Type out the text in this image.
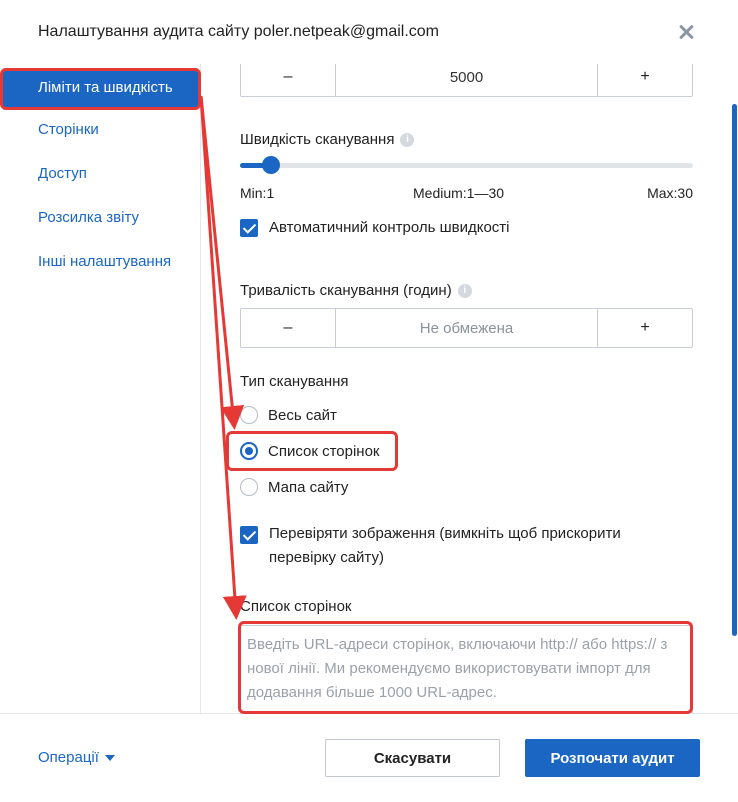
Налаштування аудита сайту poler.netpeak@gmail.com
Ліміти та швидкість
Сторінки
Доступ
Розсилка звіту
Інші налаштування
–	5000	+
Швидкість сканування i
Min:1	Medium:1—30	Max:30
Автоматичний контроль швидкості
Тривалість сканування (годин) i
–	Не обмежена	+
Тип сканування
Весь сайт
Список сторінок
Мапа сайту
Перевіряти зображення (вимкніть щоб прискорити
перевірку сайту)
Список сторінок
Введіть URL-адреси сторінок, включаючи http:// або https:// з нової лінії. Ми рекомендуємо використовувати імпорт для додавання більше 1000 URL-адрес.
Операції	Скасувати	Розпочати аудит
